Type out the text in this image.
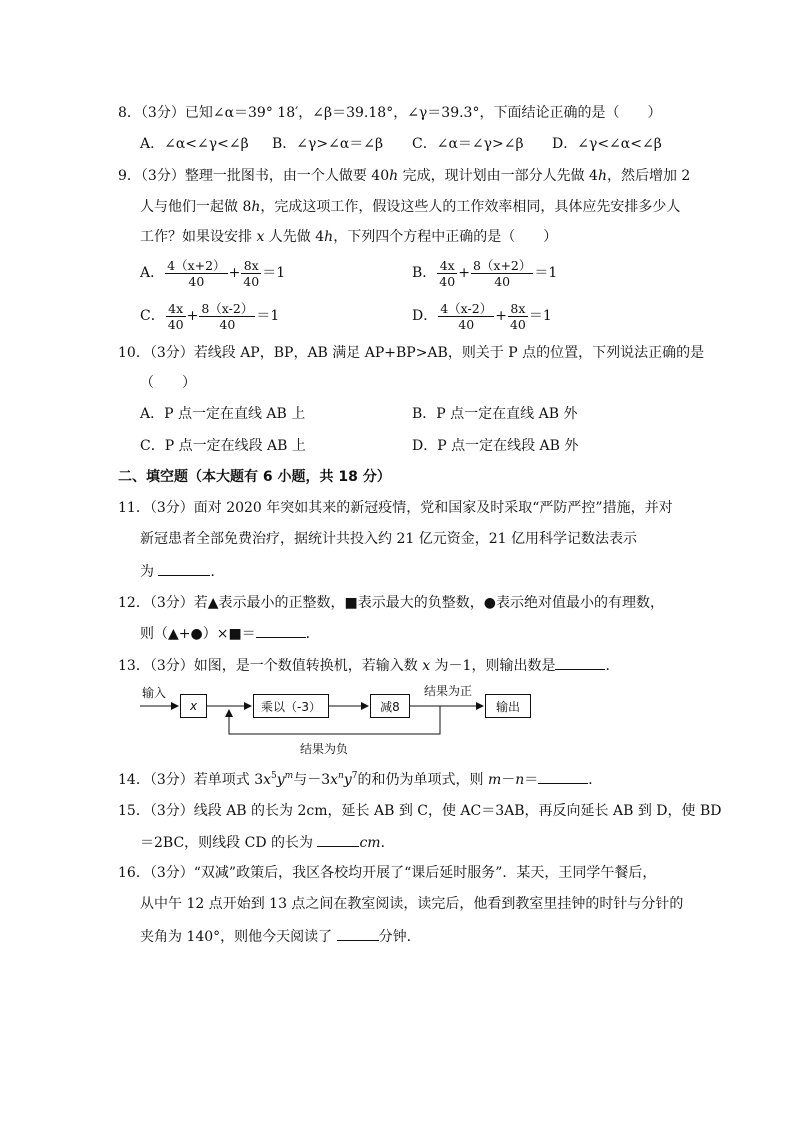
8．（3分）已知∠α＝39° 18′，∠β＝39.18°，∠γ＝39.3°，下面结论正确的是（　　）
A．∠α<∠γ<∠β B．∠γ>∠α＝∠β C．∠α＝∠γ>∠β D．∠γ<∠α<∠β
9．（3分）整理一批图书，由一个人做要 40h 完成，现计划由一部分人先做 4h，然后增加 2
人与他们一起做 8h，完成这项工作，假设这些人的工作效率相同，具体应先安排多少人
工作？如果设安排 x 人先做 4h，下列四个方程中正确的是（　　）
A． $\frac{4(x+2)}{40} + \frac{8x}{40} =1$	B． $\frac{4x}{40} + \frac{8(x+2)}{40} =1$
C． $\frac{4x}{40} + \frac{8(x-2)}{40} =1$	D． $\frac{4(x-2)}{40} + \frac{8x}{40} =1$
10．（3分）若线段 AP，BP，AB 满足 AP+BP>AB，则关于 P 点的位置，下列说法正确的是
（　　）
A．P 点一定在直线 AB 上	B．P 点一定在直线 AB 外
C．P 点一定在线段 AB 上	D．P 点一定在线段 AB 外
二、填空题（本大题有 6 小题，共 18 分）
11．（3分）面对 2020 年突如其来的新冠疫情，党和国家及时采取“严防严控”措施，并对
新冠患者全部免费治疗，据统计共投入约 21 亿元资金，21 亿用科学记数法表示
为	．
12．（3分）若▲表示最小的正整数，■表示最大的负整数，●表示绝对值最小的有理数，
则（▲+●）×■＝	．
13．（3分）如图，是一个数值转换机，若输入数 x 为－1，则输出数是	．
输入
x	乘以（-3）	减8
结果为正
输出
结果为负
14．（3分）若单项式 $3x^5y^m$与$-3x^ny^7$的和仍为单项式，则 m－n＝	．
15．（3分）线段 AB 的长为 2cm，延长 AB 到 C，使 AC＝3AB，再反向延长 AB 到 D，使 BD
＝2BC，则线段 CD 的长为	cm．
16．（3分）“双减”政策后，我区各校均开展了“课后延时服务”．某天，王同学午餐后，
从中午 12 点开始到 13 点之间在教室阅读，读完后，他看到教室里挂钟的时针与分针的
夹角为 140°，则他今天阅读了	分钟．
